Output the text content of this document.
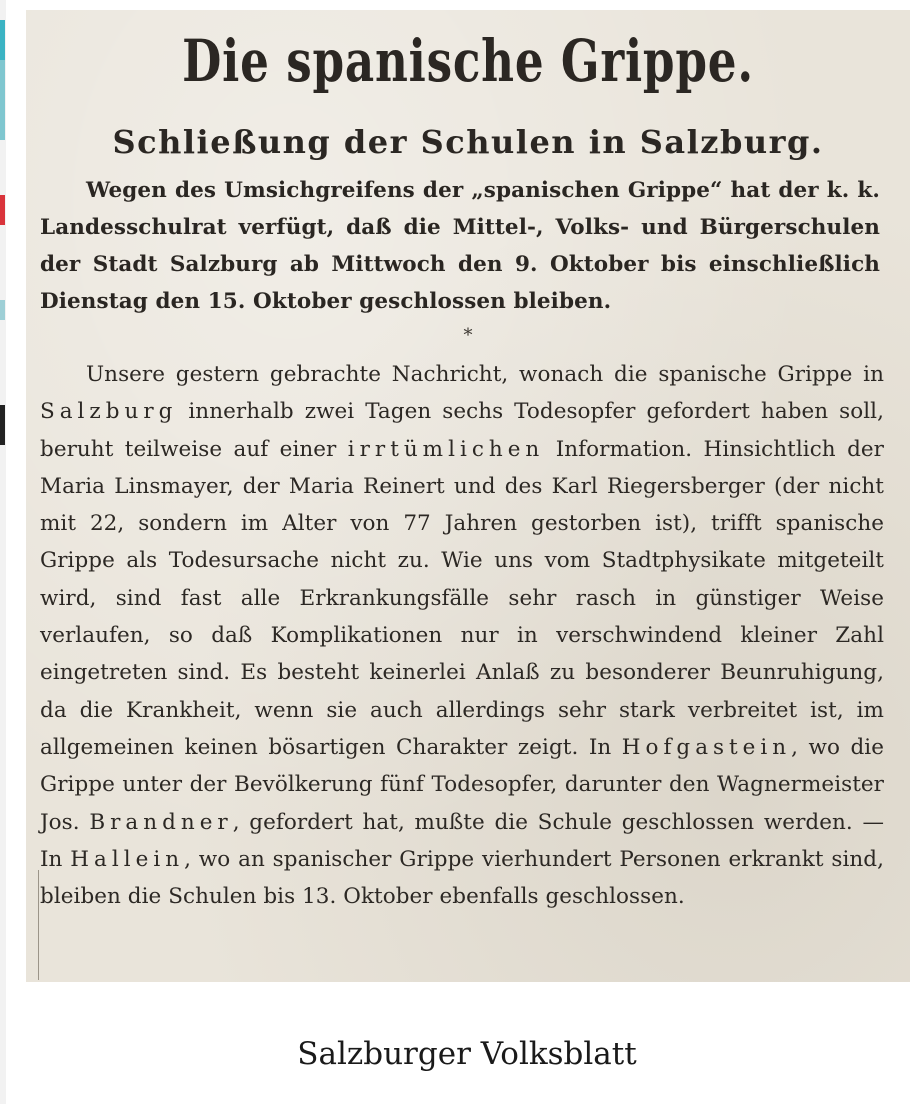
Die spanische Grippe.
Schließung der Schulen in Salzburg.
Wegen des Umsichgreifens der „spanischen Grippe“ hat der k. k. Landesschulrat verfügt, daß die Mittel-, Volks- und Bürgerschulen der Stadt Salzburg ab Mittwoch den 9. Oktober bis einschließlich Dienstag den 15. Oktober geschlossen bleiben.
*
Unsere gestern gebrachte Nachricht, wonach die spanische Grippe in Salzburg innerhalb zwei Tagen sechs Todesopfer gefordert haben soll, beruht teilweise auf einer irrtümlichen Information. Hinsichtlich der Maria Linsmayer, der Maria Reinert und des Karl Riegersberger (der nicht mit 22, sondern im Alter von 77 Jahren gestorben ist), trifft spanische Grippe als Todesursache nicht zu. Wie uns vom Stadtphysikate mitgeteilt wird, sind fast alle Erkrankungsfälle sehr rasch in günstiger Weise verlaufen, so daß Komplikationen nur in verschwindend kleiner Zahl eingetreten sind. Es besteht keinerlei Anlaß zu besonderer Beunruhigung, da die Krankheit, wenn sie auch allerdings sehr stark verbreitet ist, im allgemeinen keinen bösartigen Charakter zeigt. In Hofgastein, wo die Grippe unter der Bevölkerung fünf Todesopfer, darunter den Wagnermeister Jos. Brandner, gefordert hat, mußte die Schule geschlossen werden. — In Hallein, wo an spanischer Grippe vierhundert Personen erkrankt sind, bleiben die Schulen bis 13. Oktober ebenfalls geschlossen.
Salzburger Volksblatt
